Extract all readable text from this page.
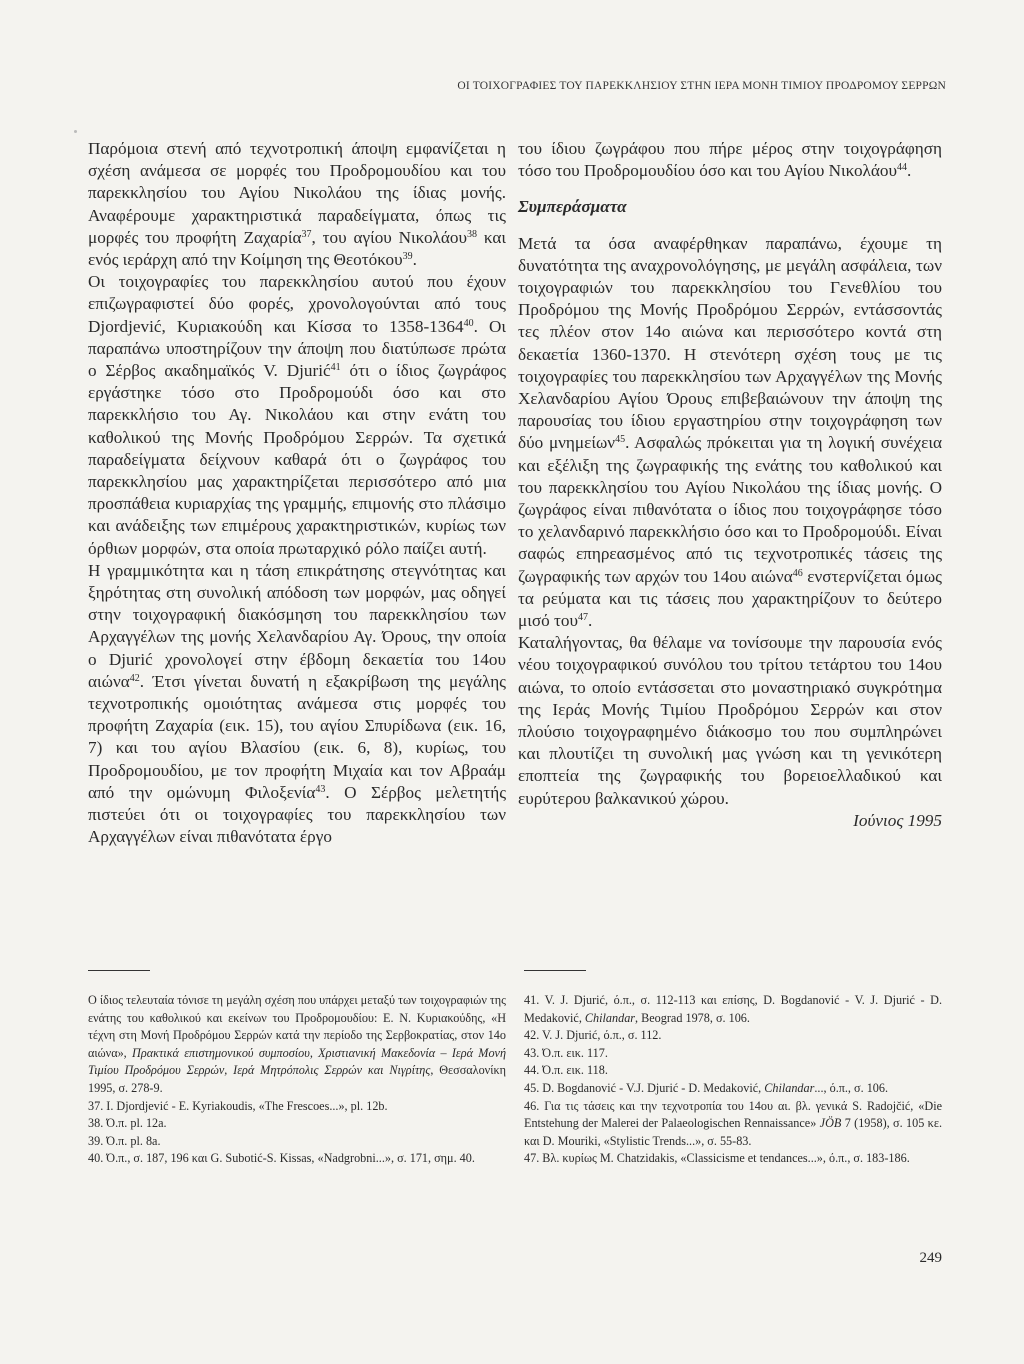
ΟΙ ΤΟΙΧΟΓΡΑΦΙΕΣ ΤΟΥ ΠΑΡΕΚΚΛΗΣΙΟΥ ΣΤΗΝ ΙΕΡΑ ΜΟΝΗ ΤΙΜΙΟΥ ΠΡΟΔΡΟΜΟΥ ΣΕΡΡΩΝ

Παρόμοια στενή από τεχνοτροπική άποψη εμφανίζεται η σχέση ανάμεσα σε μορφές του Προδρομουδίου και του παρεκκλησίου του Αγίου Νικολάου της ίδιας μονής. Αναφέρουμε χαρακτηριστικά παραδείγματα, όπως τις μορφές του προφήτη Ζαχαρία$^{37}$, του αγίου Νικολάου$^{38}$ και ενός ιεράρχη από την Κοίμηση της Θεοτόκου$^{39}$.

Οι τοιχογραφίες του παρεκκλησίου αυτού που έχουν επιζωγραφιστεί δύο φορές, χρονολογούνται από τους Djordjević, Κυριακούδη και Κίσσα το 1358-1364$^{40}$. Οι παραπάνω υποστηρίζουν την άποψη που διατύπωσε πρώτα ο Σέρβος ακαδημαϊκός V. Djurić$^{41}$ ότι ο ίδιος ζωγράφος εργάστηκε τόσο στο Προδρομούδι όσο και στο παρεκκλήσιο του Αγ. Νικολάου και στην ενάτη του καθολικού της Μονής Προδρόμου Σερρών. Τα σχετικά παραδείγματα δείχνουν καθαρά ότι ο ζωγράφος του παρεκκλησίου μας χαρακτηρίζεται περισσότερο από μια προσπάθεια κυριαρχίας της γραμμής, επιμονής στο πλάσιμο και ανάδειξης των επιμέρους χαρακτηριστικών, κυρίως των όρθιων μορφών, στα οποία πρωταρχικό ρόλο παίζει αυτή.

Η γραμμικότητα και η τάση επικράτησης στεγνότητας και ξηρότητας στη συνολική απόδοση των μορφών, μας οδηγεί στην τοιχογραφική διακόσμηση του παρεκκλησίου των Αρχαγγέλων της μονής Χελανδαρίου Αγ. Όρους, την οποία ο Djurić χρονολογεί στην έβδομη δεκαετία του 14ου αιώνα$^{42}$. Έτσι γίνεται δυνατή η εξακρίβωση της μεγάλης τεχνοτροπικής ομοιότητας ανάμεσα στις μορφές του προφήτη Ζαχαρία (εικ. 15), του αγίου Σπυρίδωνα (εικ. 16, 7) και του αγίου Βλασίου (εικ. 6, 8), κυρίως, του Προδρομουδίου, με τον προφήτη Μιχαία και τον Αβραάμ από την ομώνυμη Φιλοξενία$^{43}$. Ο Σέρβος μελετητής πιστεύει ότι οι τοιχογραφίες του παρεκκλησίου των Αρχαγγέλων είναι πιθανότατα έργο

του ίδιου ζωγράφου που πήρε μέρος στην τοιχογράφηση τόσο του Προδρομουδίου όσο και του Αγίου Νικολάου$^{44}$.

Συμπεράσματα

Μετά τα όσα αναφέρθηκαν παραπάνω, έχουμε τη δυνατότητα της αναχρονολόγησης, με μεγάλη ασφάλεια, των τοιχογραφιών του παρεκκλησίου του Γενεθλίου του Προδρόμου της Μονής Προδρόμου Σερρών, εντάσσοντάς τες πλέον στον 14ο αιώνα και περισσότερο κοντά στη δεκαετία 1360-1370. Η στενότερη σχέση τους με τις τοιχογραφίες του παρεκκλησίου των Αρχαγγέλων της Μονής Χελανδαρίου Αγίου Όρους επιβεβαιώνουν την άποψη της παρουσίας του ίδιου εργαστηρίου στην τοιχογράφηση των δύο μνημείων$^{45}$. Ασφαλώς πρόκειται για τη λογική συνέχεια και εξέλιξη της ζωγραφικής της ενάτης του καθολικού και του παρεκκλησίου του Αγίου Νικολάου της ίδιας μονής. Ο ζωγράφος είναι πιθανότατα ο ίδιος που τοιχογράφησε τόσο το χελανδαρινό παρεκκλήσιο όσο και το Προδρομούδι. Είναι σαφώς επηρεασμένος από τις τεχνοτροπικές τάσεις της ζωγραφικής των αρχών του 14ου αιώνα$^{46}$ ενστερνίζεται όμως τα ρεύματα και τις τάσεις που χαρακτηρίζουν το δεύτερο μισό του$^{47}$.

Καταλήγοντας, θα θέλαμε να τονίσουμε την παρουσία ενός νέου τοιχογραφικού συνόλου του τρίτου τετάρτου του 14ου αιώνα, το οποίο εντάσσεται στο μοναστηριακό συγκρότημα της Ιεράς Μονής Τιμίου Προδρόμου Σερρών και στον πλούσιο τοιχογραφημένο διάκοσμο του που συμπληρώνει και πλουτίζει τη συνολική μας γνώση και τη γενικότερη εποπτεία της ζωγραφικής του βορειοελλαδικού και ευρύτερου βαλκανικού χώρου.

Ιούνιος 1995

Ο ίδιος τελευταία τόνισε τη μεγάλη σχέση που υπάρχει μεταξύ των τοιχογραφιών της ενάτης του καθολικού και εκείνων του Προδρομουδίου: Ε. Ν. Κυριακούδης, «Η τέχνη στη Μονή Προδρόμου Σερρών κατά την περίοδο της Σερβοκρατίας, στον 14ο αιώνα», Πρακτικά επιστημονικού συμποσίου, Χριστιανική Μακεδονία – Ιερά Μονή Τιμίου Προδρόμου Σερρών, Ιερά Μητρόπολις Σερρών και Νιγρίτης, Θεσσαλονίκη 1995, σ. 278-9.

37. I. Djordjević - E. Kyriakoudis, «The Frescoes...», pl. 12b.

38. Ό.π. pl. 12a.

39. Ό.π. pl. 8a.

40. Ό.π., σ. 187, 196 και G. Subotić-S. Kissas, «Nadgrobni...», σ. 171, σημ. 40.

41. V. J. Djurić, ό.π., σ. 112-113 και επίσης, D. Bogdanović - V. J. Djurić - D. Medaković, Chilandar, Beograd 1978, σ. 106.

42. V. J. Djurić, ό.π., σ. 112.

43. Ό.π. εικ. 117.

44. Ό.π. εικ. 118.

45. D. Bogdanović - V.J. Djurić - D. Medaković, Chilandar..., ό.π., σ. 106.

46. Για τις τάσεις και την τεχνοτροπία του 14ου αι. βλ. γενικά S. Radojčić, «Die Entstehung der Malerei der Palaeologischen Rennaissance» JÖB 7 (1958), σ. 105 κε. και D. Mouriki, «Stylistic Trends...», σ. 55-83.

47. Βλ. κυρίως M. Chatzidakis, «Classicisme et tendances...», ό.π., σ. 183-186.

249
